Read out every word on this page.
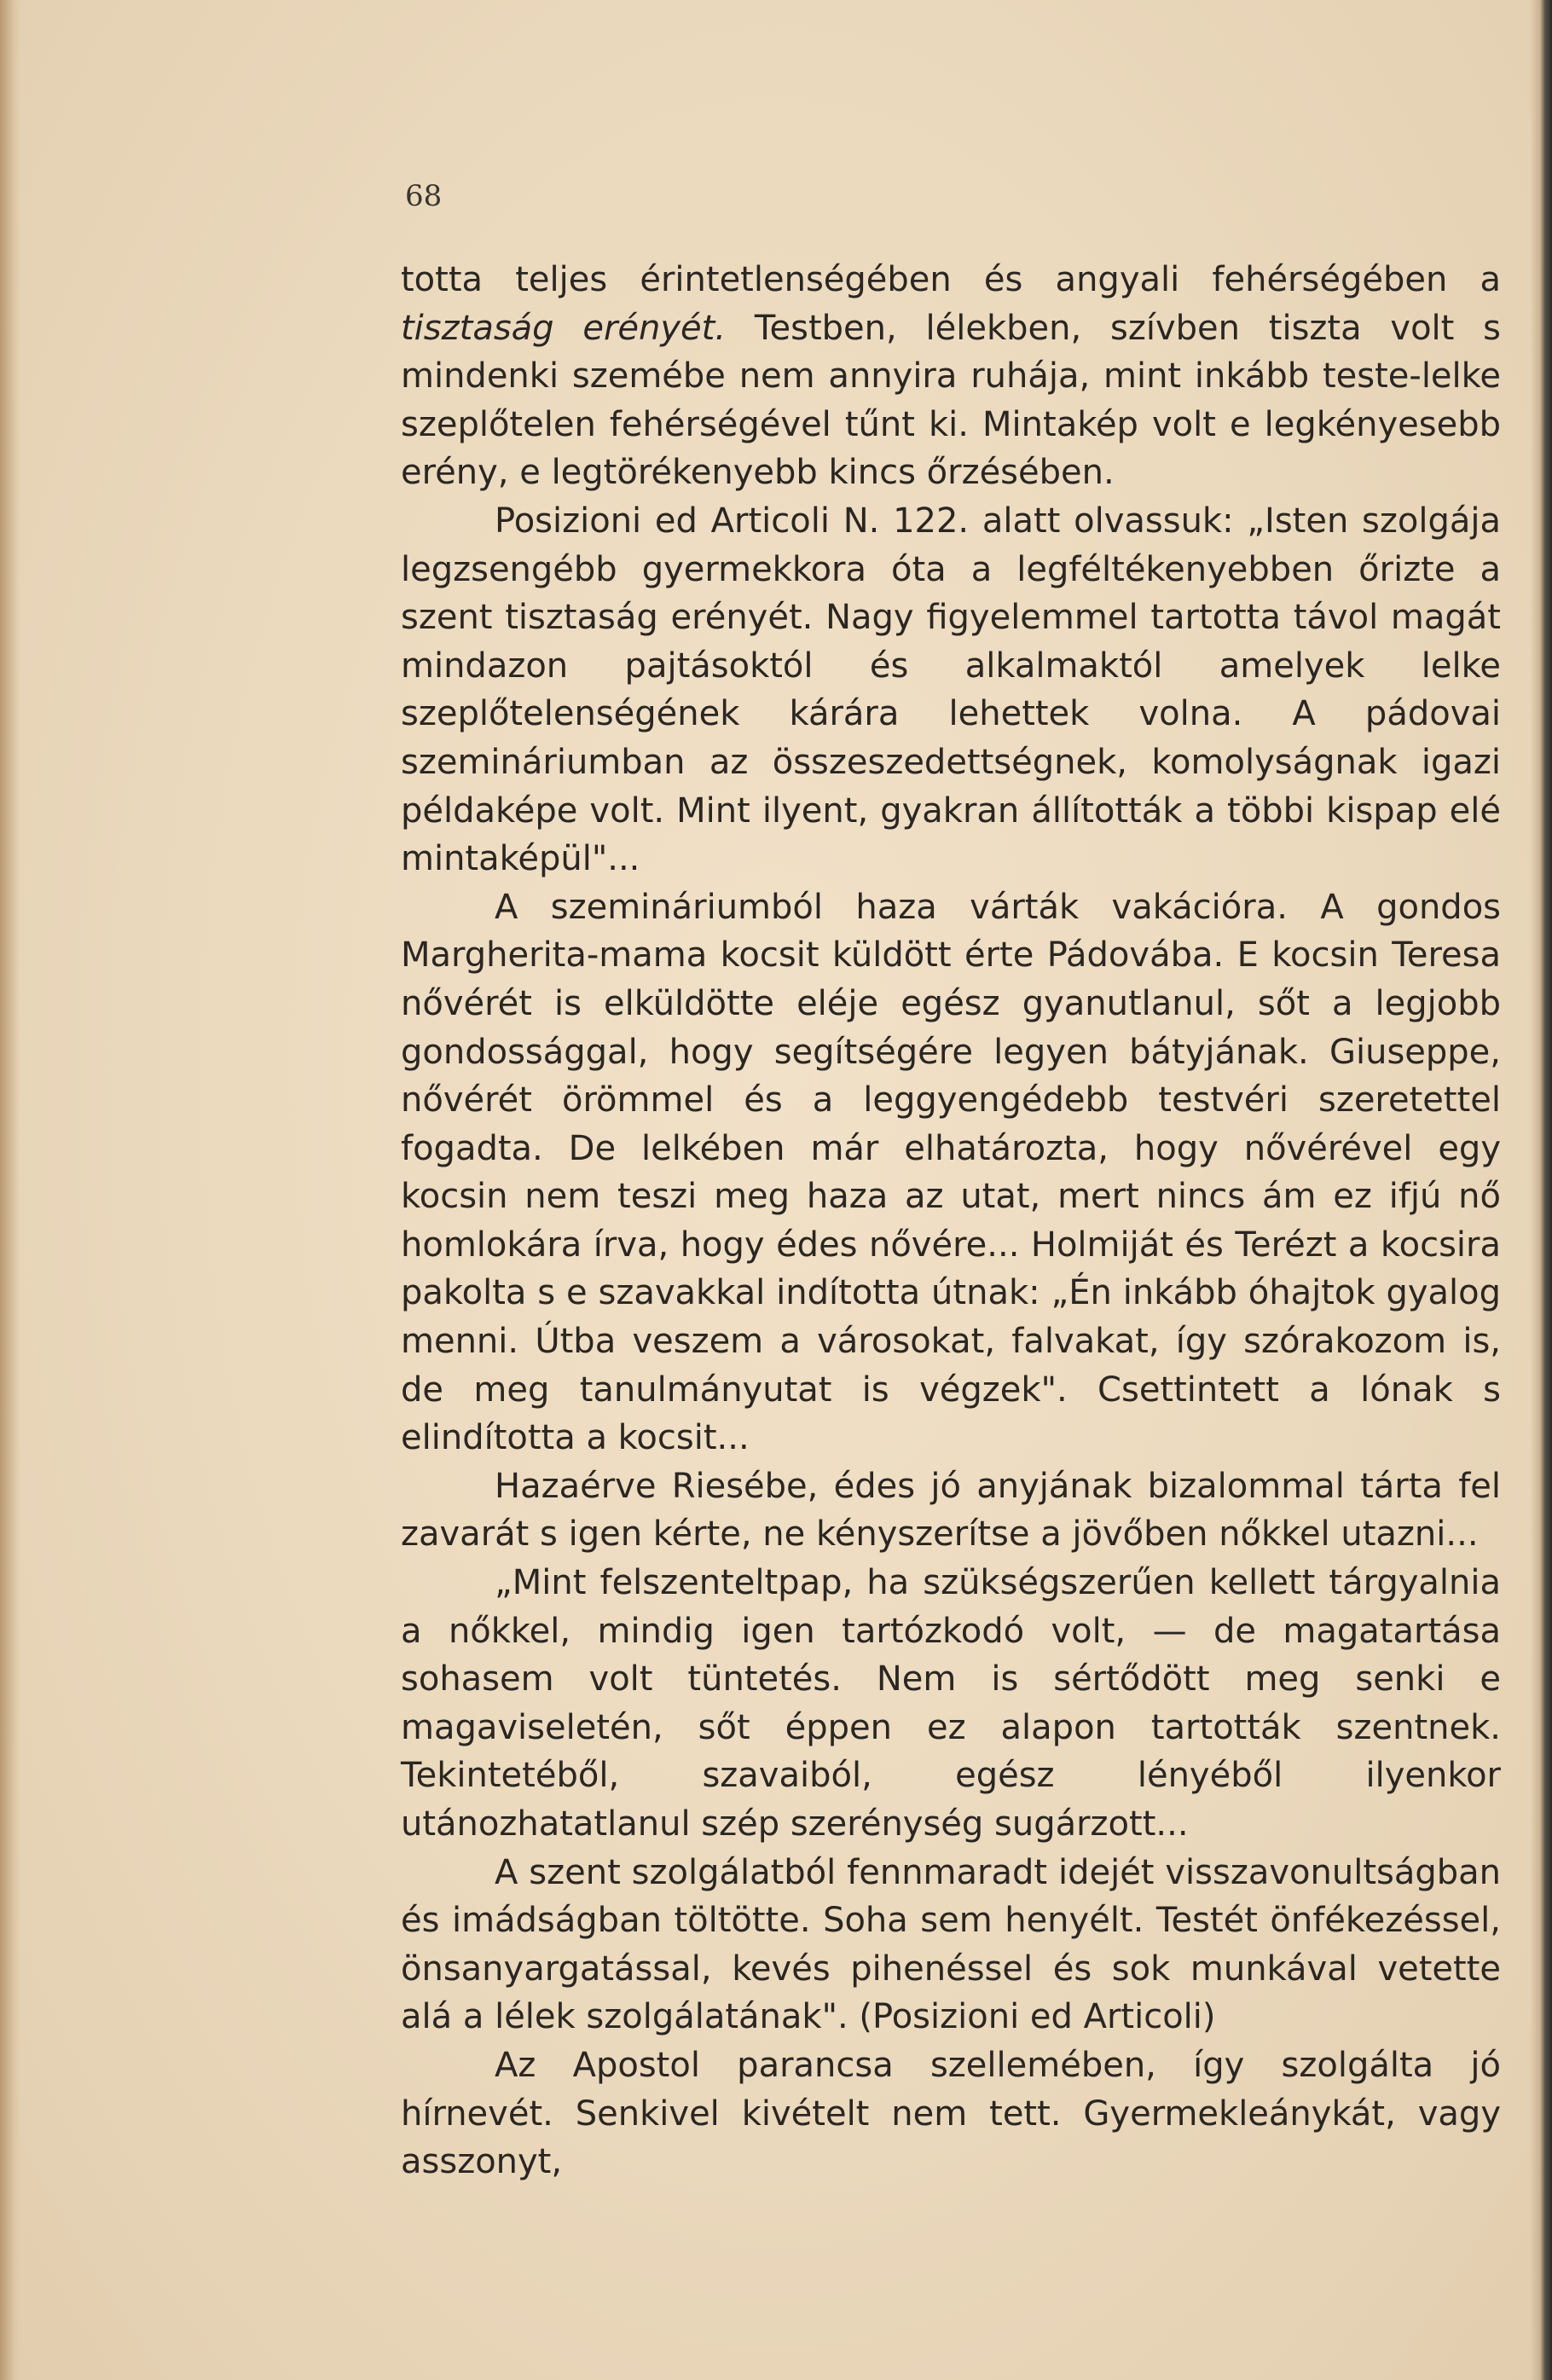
68

totta teljes érintetlenségében és angyali fehérségében a tisztaság erényét. Testben, lélekben, szívben tiszta volt s mindenki szemébe nem annyira ruhája, mint inkább teste-lelke szeplőtelen fehérségével tűnt ki. Mintakép volt e legkényesebb erény, e legtörékenyebb kincs őrzésében.

Posizioni ed Articoli N. 122. alatt olvassuk: „Isten szolgája legzsengébb gyermekkora óta a legféltékenyebben őrizte a szent tisztaság erényét. Nagy figyelemmel tartotta távol magát mindazon pajtásoktól és alkalmaktól amelyek lelke szeplőtelenségének kárára lehettek volna. A pádovai szemináriumban az összeszedettségnek, komolyságnak igazi példaképe volt. Mint ilyent, gyakran állították a többi kispap elé mintaképül"...

A szemináriumból haza várták vakációra. A gondos Margherita-mama kocsit küldött érte Pádovába. E kocsin Teresa nővérét is elküldötte eléje egész gyanutlanul, sőt a legjobb gondossággal, hogy segítségére legyen bátyjának. Giuseppe, nővérét örömmel és a leggyengédebb testvéri szeretettel fogadta. De lelkében már elhatározta, hogy nővérével egy kocsin nem teszi meg haza az utat, mert nincs ám ez ifjú nő homlokára írva, hogy édes nővére... Holmiját és Terézt a kocsira pakolta s e szavakkal indította útnak: „Én inkább óhajtok gyalog menni. Útba veszem a városokat, falvakat, így szórakozom is, de meg tanulmányutat is végzek". Csettintett a lónak s elindította a kocsit...

Hazaérve Riesébe, édes jó anyjának bizalommal tárta fel zavarát s igen kérte, ne kényszerítse a jövőben nőkkel utazni...

„Mint felszenteltpap, ha szükségszerűen kellett tárgyalnia a nőkkel, mindig igen tartózkodó volt, — de magatartása sohasem volt tüntetés. Nem is sértődött meg senki e magaviseletén, sőt éppen ez alapon tartották szentnek. Tekintetéből, szavaiból, egész lényéből ilyenkor utánozhatatlanul szép szerénység sugárzott...

A szent szolgálatból fennmaradt idejét visszavonultságban és imádságban töltötte. Soha sem henyélt. Testét önfékezéssel, önsanyargatással, kevés pihenéssel és sok munkával vetette alá a lélek szolgálatának". (Posizioni ed Articoli)

Az Apostol parancsa szellemében, így szolgálta jó hírnevét. Senkivel kivételt nem tett. Gyermekleánykát, vagy asszonyt,
